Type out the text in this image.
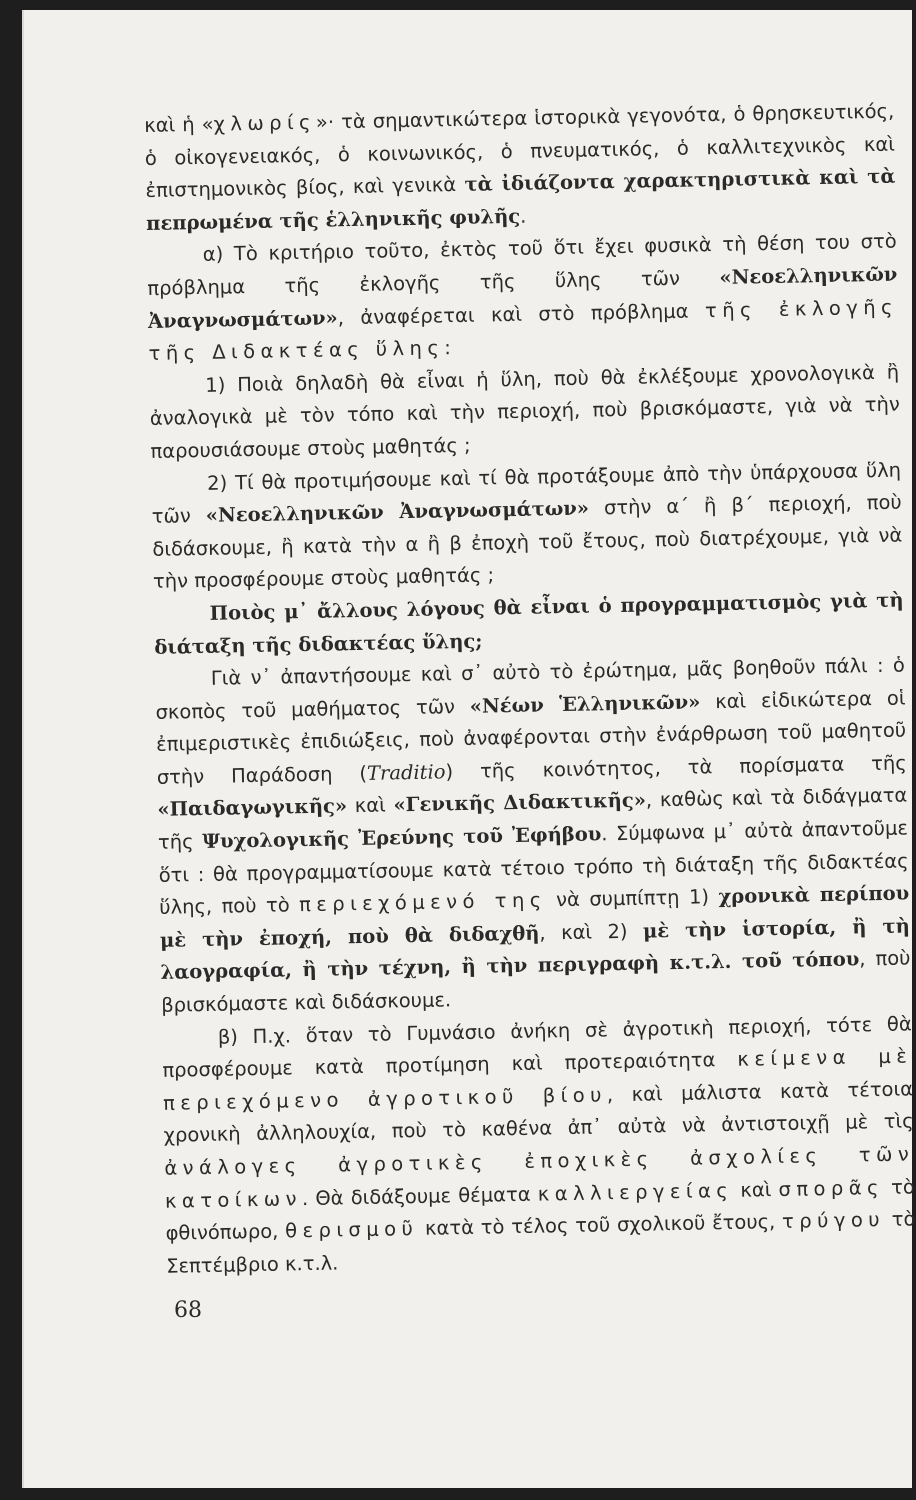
καὶ ἡ «χλωρίς»· τὰ σημαντικώτερα ἱστορικὰ γεγονότα, ὁ θρησκευτικός, ὁ οἰκογενειακός, ὁ κοινωνικός, ὁ πνευματικός, ὁ καλλιτεχνικὸς καὶ ἐπιστημονικὸς βίος, καὶ γενικὰ τὰ ἰδιάζοντα χαρακτηριστικὰ καὶ τὰ πεπρωμένα τῆς ἑλληνικῆς φυλῆς.

α) Τὸ κριτήριο τοῦτο, ἐκτὸς τοῦ ὅτι ἔχει φυσικὰ τὴ θέση του στὸ πρόβλημα τῆς ἐκλογῆς τῆς ὕλης τῶν «Νεοελληνικῶν Ἀναγνωσμάτων», ἀναφέρεται καὶ στὸ πρόβλημα τῆς ἐκλογῆς τῆς Διδακτέας ὕλης:

1) Ποιὰ δηλαδὴ θὰ εἶναι ἡ ὕλη, ποὺ θὰ ἐκλέξουμε χρονολογικὰ ἢ ἀναλογικὰ μὲ τὸν τόπο καὶ τὴν περιοχή, ποὺ βρισκόμαστε, γιὰ νὰ τὴν παρουσιάσουμε στοὺς μαθητάς ;

2) Τί θὰ προτιμήσουμε καὶ τί θὰ προτάξουμε ἀπὸ τὴν ὑπάρχουσα ὕλη τῶν «Νεοελληνικῶν Ἀναγνωσμάτων» στὴν α΄ ἢ β΄ περιοχή, ποὺ διδάσκουμε, ἢ κατὰ τὴν α ἢ β ἐποχὴ τοῦ ἔτους, ποὺ διατρέχουμε, γιὰ νὰ τὴν προσφέρουμε στοὺς μαθητάς ;

Ποιὸς μ᾽ ἄλλους λόγους θὰ εἶναι ὁ προγραμματισμὸς γιὰ τὴ διάταξη τῆς διδακτέας ὕλης;

Γιὰ ν᾽ ἀπαντήσουμε καὶ σ᾽ αὐτὸ τὸ ἐρώτημα, μᾶς βοηθοῦν πάλι : ὁ σκοπὸς τοῦ μαθήματος τῶν «Νέων Ἑλληνικῶν» καὶ εἰδικώτερα οἱ ἐπιμεριστικὲς ἐπιδιώξεις, ποὺ ἀναφέρονται στὴν ἐνάρθρωση τοῦ μαθητοῦ στὴν Παράδοση (Traditio) τῆς κοινότητος, τὰ πορίσματα τῆς «Παιδαγωγικῆς» καὶ «Γενικῆς Διδακτικῆς», καθὼς καὶ τὰ διδάγματα τῆς Ψυχολογικῆς Ἐρεύνης τοῦ Ἐφήβου. Σύμφωνα μ᾽ αὐτὰ ἀπαντοῦμε ὅτι : θὰ προγραμματίσουμε κατὰ τέτοιο τρόπο τὴ διάταξη τῆς διδακτέας ὕλης, ποὺ τὸ περιεχόμενό της νὰ συμπίπτῃ 1) χρονικὰ περίπου μὲ τὴν ἐποχή, ποὺ θὰ διδαχθῆ, καὶ 2) μὲ τὴν ἱστορία, ἢ τὴ λαογραφία, ἢ τὴν τέχνη, ἢ τὴν περιγραφὴ κ.τ.λ. τοῦ τόπου, ποὺ βρισκόμαστε καὶ διδάσκουμε.

β) Π.χ. ὅταν τὸ Γυμνάσιο ἀνήκη σὲ ἀγροτικὴ περιοχή, τότε θὰ προσφέρουμε κατὰ προτίμηση καὶ προτεραιότητα κείμενα μὲ περιεχόμενο ἀγροτικοῦ βίου, καὶ μάλιστα κατὰ τέτοια χρονικὴ ἀλληλουχία, ποὺ τὸ καθένα ἀπ᾽ αὐτὰ νὰ ἀντιστοιχῇ μὲ τὶς ἀνάλογες ἀγροτικὲς ἐποχικὲς ἀσχολίες τῶν κατοίκων. Θὰ διδάξουμε θέματα καλλιεργείας καὶ σπορᾶς τὸ φθινόπωρο, θερισμοῦ κατὰ τὸ τέλος τοῦ σχολικοῦ ἔτους, τρύγου τὸ Σεπτέμβριο κ.τ.λ.

68
